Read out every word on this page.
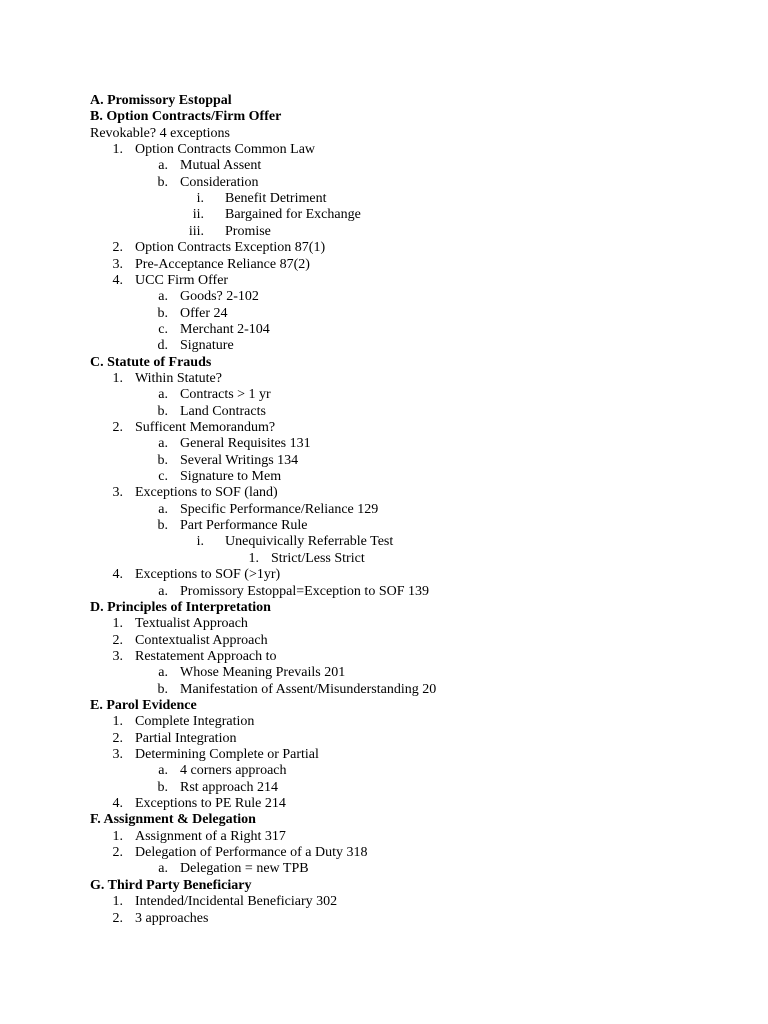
A. Promissory Estoppal
B. Option Contracts/Firm Offer
Revokable? 4 exceptions
1. Option Contracts Common Law
a. Mutual Assent
b. Consideration
i. Benefit Detriment
ii. Bargained for Exchange
iii. Promise
2. Option Contracts Exception 87(1)
3. Pre-Acceptance Reliance 87(2)
4. UCC Firm Offer
a. Goods? 2-102
b. Offer 24
c. Merchant 2-104
d. Signature
C. Statute of Frauds
1. Within Statute?
a. Contracts > 1 yr
b. Land Contracts
2. Sufficent Memorandum?
a. General Requisites 131
b. Several Writings 134
c. Signature to Mem
3. Exceptions to SOF (land)
a. Specific Performance/Reliance 129
b. Part Performance Rule
i. Unequivically Referrable Test
1. Strict/Less Strict
4. Exceptions to SOF (>1yr)
a. Promissory Estoppal=Exception to SOF 139
D. Principles of Interpretation
1. Textualist Approach
2. Contextualist Approach
3. Restatement Approach to
a. Whose Meaning Prevails 201
b. Manifestation of Assent/Misunderstanding 20
E. Parol Evidence
1. Complete Integration
2. Partial Integration
3. Determining Complete or Partial
a. 4 corners approach
b. Rst approach 214
4. Exceptions to PE Rule 214
F. Assignment & Delegation
1. Assignment of a Right 317
2. Delegation of Performance of a Duty 318
a. Delegation = new TPB
G. Third Party Beneficiary
1. Intended/Incidental Beneficiary 302
2. 3 approaches
